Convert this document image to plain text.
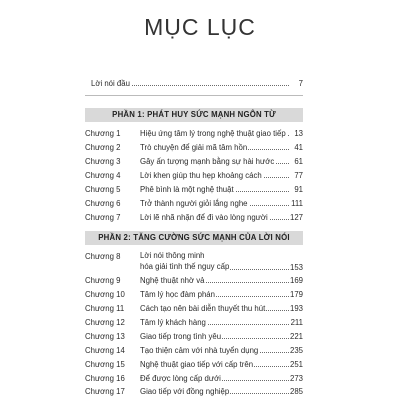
MỤC LỤC
Lời nói đầu	7
PHẦN 1: PHÁT HUY SỨC MẠNH NGÔN TỪ
Chương 1	Hiệu ứng tâm lý trong nghệ thuật giao tiếp 13
Chương 2	Trò chuyện để giải mã tâm hồn	41
Chương 3	Gây ấn tượng mạnh bằng sự hài hước	61
Chương 4	Lời khen giúp thu hẹp khoảng cách	77
Chương 5	Phê bình là một nghệ thuật	91
Chương 6	Trở thành người giỏi lắng nghe	111
Chương 7	Lời lẽ nhã nhặn để đi vào lòng người	127
PHẦN 2: TĂNG CƯỜNG SỨC MẠNH CỦA LỜI NÓI
Chương 8	Lời nói thông minh
hóa giải tình thế nguy cấp	153
Chương 9	Nghệ thuật nhờ vả	169
Chương 10 Tâm lý học đàm phán	179
Chương 11 Cách tạo nên bài diễn thuyết thu hút	193
Chương 12 Tâm lý khách hàng	211
Chương 13 Giao tiếp trong tình yêu	221
Chương 14 Tạo thiện cảm với nhà tuyển dụng	235
Chương 15 Nghệ thuật giao tiếp với cấp trên	251
Chương 16 Để được lòng cấp dưới	273
Chương 17 Giao tiếp với đồng nghiệp	285
